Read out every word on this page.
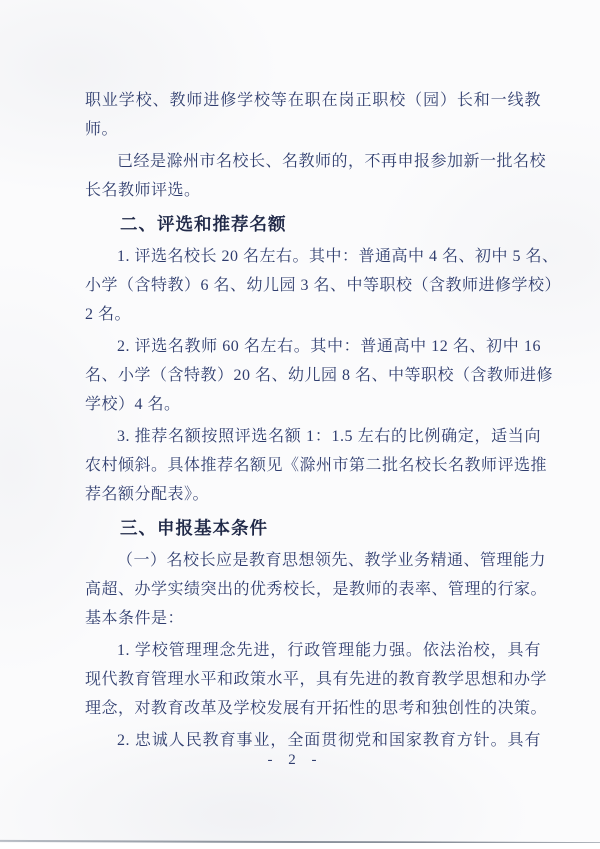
职业学校、教师进修学校等在职在岗正职校（园）长和一线教
师。
已经是滁州市名校长、名教师的，不再申报参加新一批名校
长名教师评选。
二、评选和推荐名额
1. 评选名校长 20 名左右。其中：普通高中 4 名、初中 5 名、
小学（含特教）6 名、幼儿园 3 名、中等职校（含教师进修学校）
2 名。
2. 评选名教师 60 名左右。其中：普通高中 12 名、初中 16
名、小学（含特教）20 名、幼儿园 8 名、中等职校（含教师进修
学校）4 名。
3. 推荐名额按照评选名额 1：1.5 左右的比例确定，适当向
农村倾斜。具体推荐名额见《滁州市第二批名校长名教师评选推
荐名额分配表》。
三、申报基本条件
（一）名校长应是教育思想领先、教学业务精通、管理能力
高超、办学实绩突出的优秀校长，是教师的表率、管理的行家。
基本条件是：
1. 学校管理理念先进，行政管理能力强。依法治校，具有
现代教育管理水平和政策水平，具有先进的教育教学思想和办学
理念，对教育改革及学校发展有开拓性的思考和独创性的决策。
2. 忠诚人民教育事业，全面贯彻党和国家教育方针。具有
- 2 -
